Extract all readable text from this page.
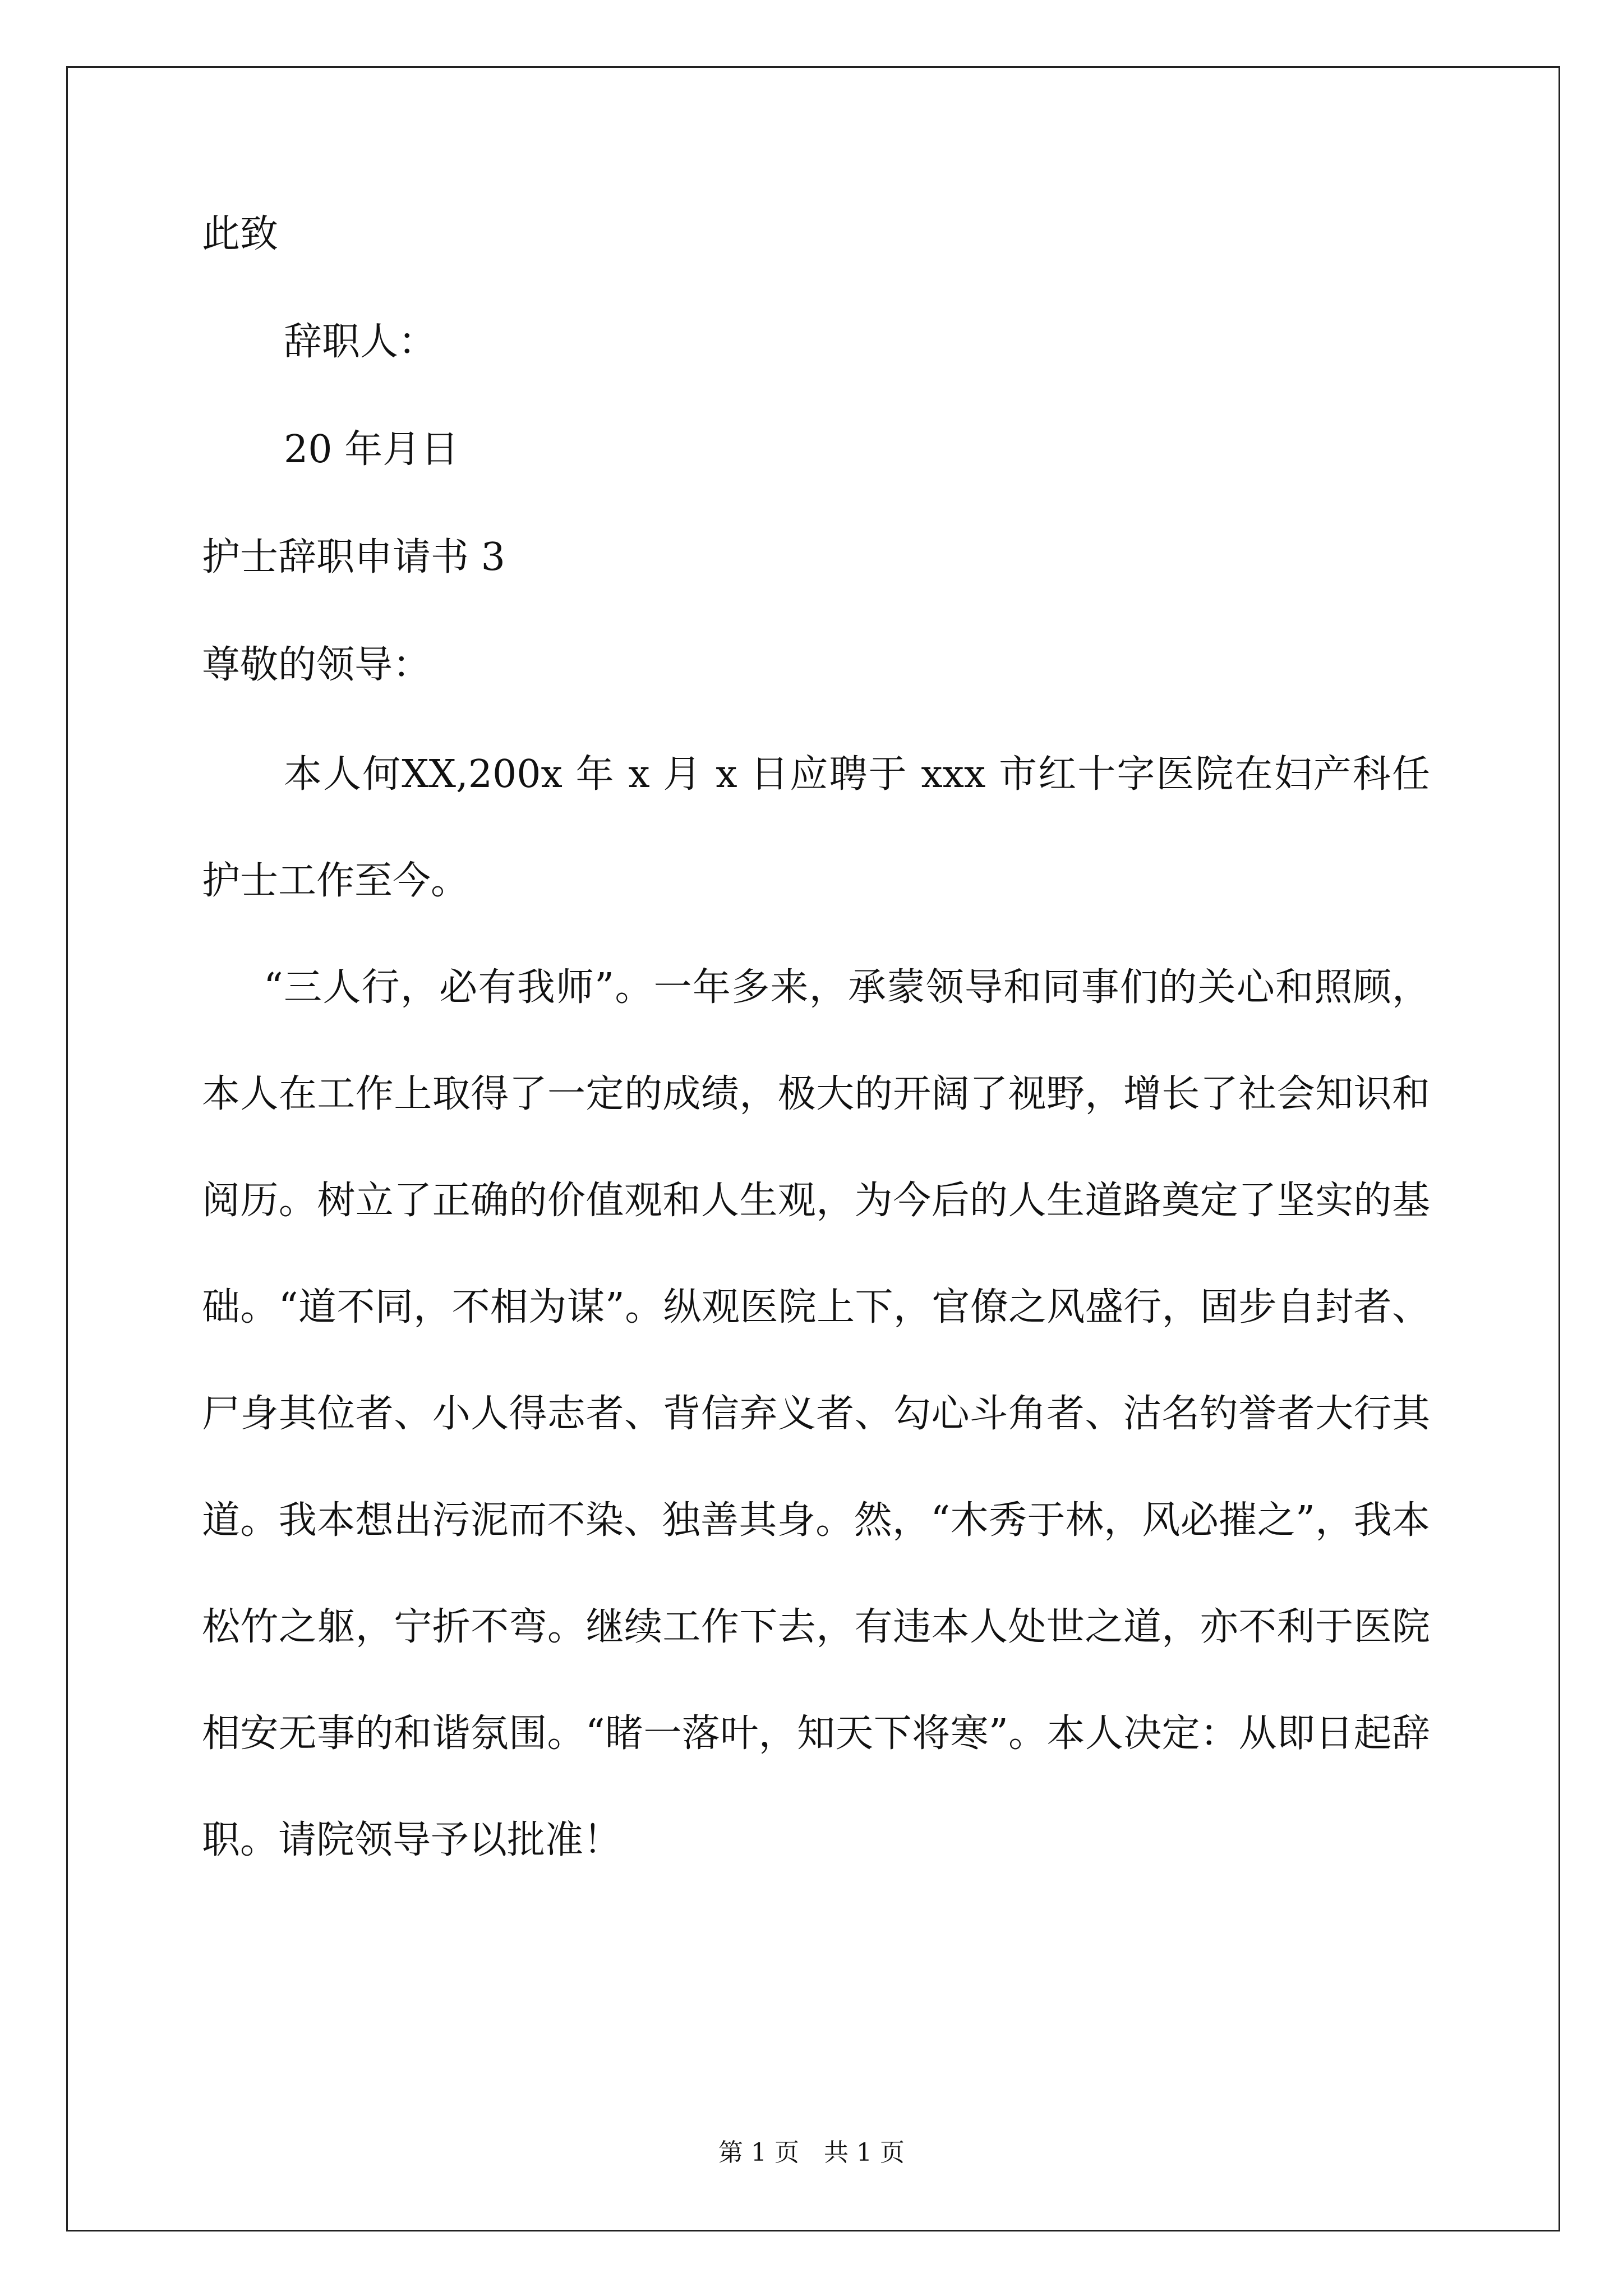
此致

辞职人：

20 年月日

护士辞职申请书 3

尊敬的领导：

本人何XX,200x 年 x 月 x 日应聘于 xxx 市红十字医院在妇产科任护士工作至今。

“三人行，必有我师”。一年多来，承蒙领导和同事们的关心和照顾，本人在工作上取得了一定的成绩，极大的开阔了视野，增长了社会知识和阅历。树立了正确的价值观和人生观，为今后的人生道路奠定了坚实的基础。“道不同，不相为谋”。纵观医院上下，官僚之风盛行，固步自封者、尸身其位者、小人得志者、背信弃义者、勾心斗角者、沽名钓誉者大行其道。我本想出污泥而不染、独善其身。然，“木秀于林，风必摧之”，我本松竹之躯，宁折不弯。继续工作下去，有违本人处世之道，亦不利于医院相安无事的和谐氛围。“睹一落叶，知天下将寒”。本人决定：从即日起辞职。请院领导予以批准！

第 1 页　共 1 页
